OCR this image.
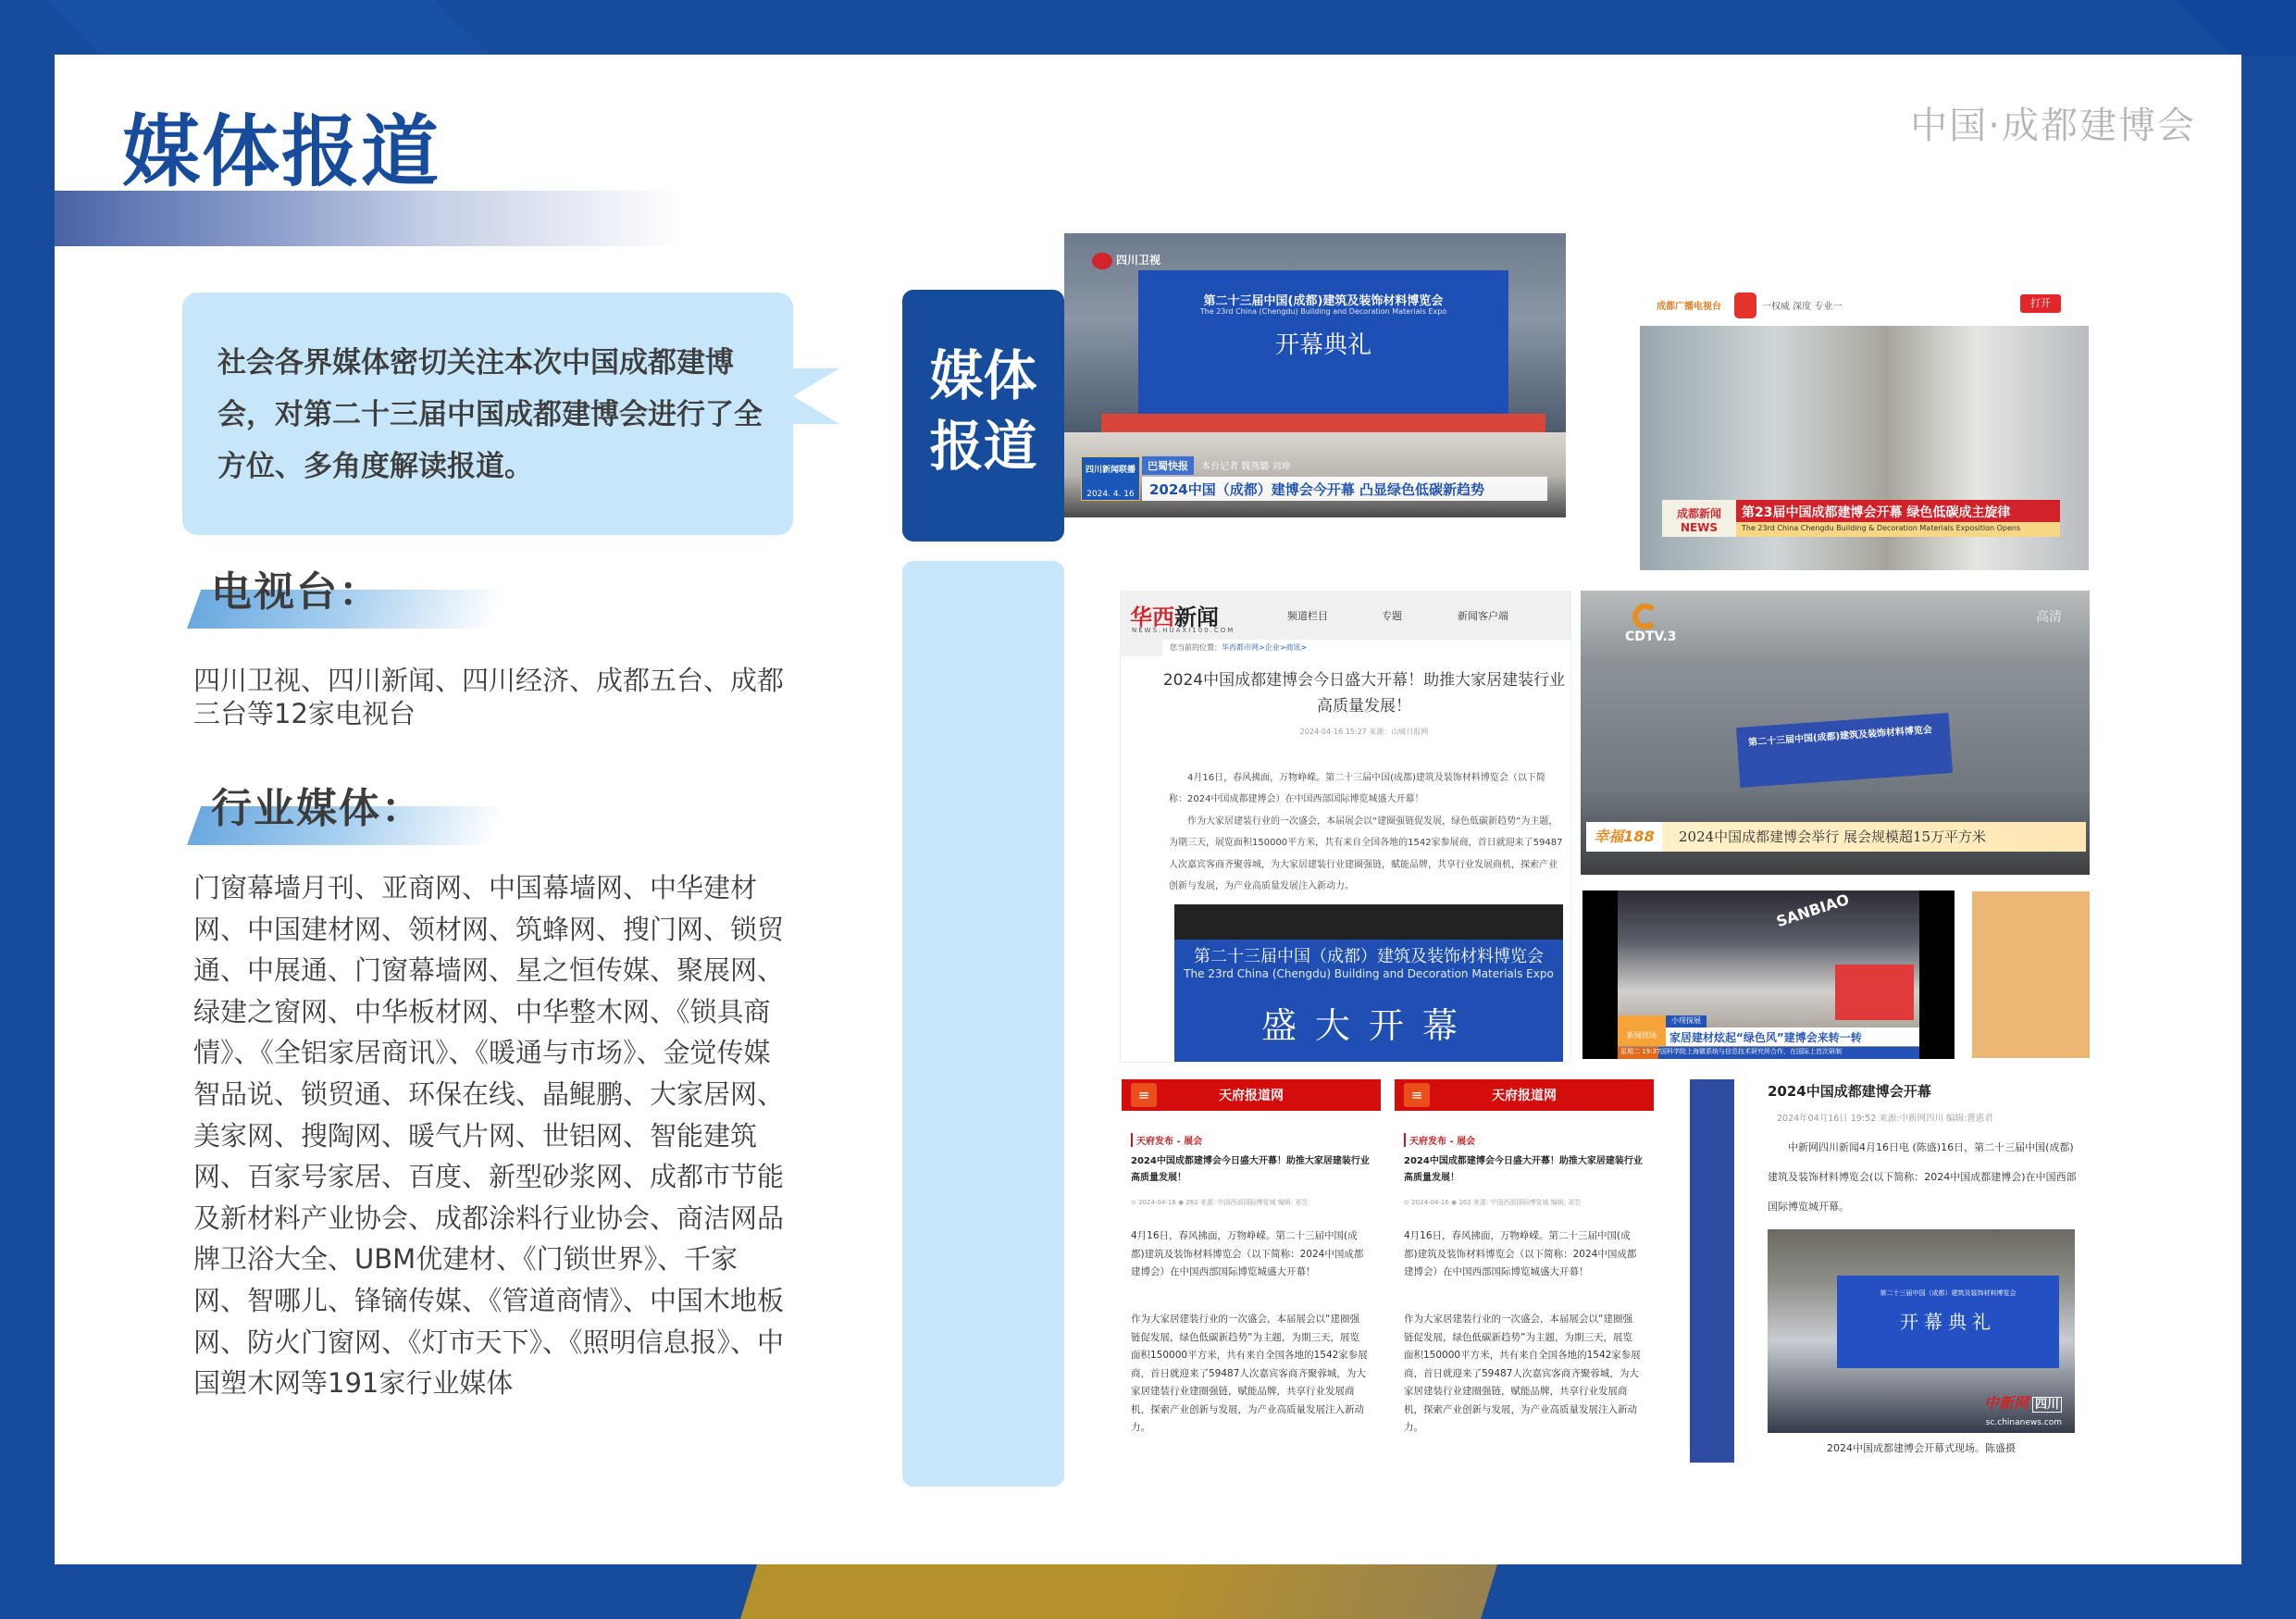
媒体报道	中国·成都建博会

社会各界媒体密切关注本次中国成都建博会，对第二十三届中国成都建博会进行了全方位、多角度解读报道。

电视台：
四川卫视、四川新闻、四川经济、成都五台、成都三台等12家电视台
行业媒体：
门窗幕墙月刊、亚商网、中国幕墙网、中华建材网、中国建材网、领材网、筑蜂网、搜门网、锁贸通、中展通、门窗幕墙网、星之恒传媒、聚展网、绿建之窗网、中华板材网、中华整木网、《锁具商情》、《全铝家居商讯》、《暖通与市场》、金觉传媒智品说、锁贸通、环保在线、晶鲲鹏、大家居网、美家网、搜陶网、暖气片网、世铝网、智能建筑网、百家号家居、百度、新型砂浆网、成都市节能及新材料产业协会、成都涂料行业协会、商洁网品牌卫浴大全、UBM优建材、《门锁世界》、千家网、智哪儿、锋镝传媒、《管道商情》、中国木地板网、防火门窗网、《灯市天下》、《照明信息报》、中国塑木网等191家行业媒体
媒体
报道
四川卫视
第二十三届中国(成都)建筑及装饰材料博览会
The 23rd China (Chengdu) Building and Decoration Materials Expo
开幕典礼
四川新闻联播
2024. 4. 16
巴蜀快报	本台记者 魏燕璐 刘坤
2024中国（成都）建博会今开幕 凸显绿色低碳新趋势
成都广播电视台	一权威 深度 专业一	打开
成都新闻 NEWS
第23届中国成都建博会开幕 绿色低碳成主旋律
The 23rd China Chengdu Building & Decoration Materials Exposition Opens
华西新闻
NEWS.HUAXI100.COM
频道栏目	专题	新闻客户端
您当前的位置：华西都市网>企业>商讯>
2024中国成都建博会今日盛大开幕！助推大家居建装行业高质量发展！
2024-04-16 15:27 来源：山城日报网

4月16日，春风拂面，万物峥嵘。第二十三届中国(成都)建筑及装饰材料博览会（以下简称：2024中国成都建博会）在中国西部国际博览城盛大开幕！

作为大家居建装行业的一次盛会，本届展会以“建圈强链促发展，绿色低碳新趋势”为主题，为期三天，展览面积150000平方米，共有来自全国各地的1542家参展商，首日就迎来了59487人次嘉宾客商齐聚蓉城，为大家居建装行业建圈强链，赋能品牌，共享行业发展商机，探索产业创新与发展，为产业高质量发展注入新动力。

第二十三届中国（成都）建筑及装饰材料博览会
The 23rd China (Chengdu) Building and Decoration Materials Expo
盛大开幕
CDTV.3
高清
第二十三届中国(成都)建筑及装饰材料博览会
幸福188	2024中国成都建博会举行 展会规模超15万平方米
SANBIAO
新闻现场
小现探展
家居建材炫起“绿色风”建博会来转一转
星期二 19:37 国科学院上海微系统与信息技术研究所合作，在国际上首次研制
≡	天府报道网
天府发布 - 展会
2024中国成都建博会今日盛大开幕！助推大家居建装行业高质量发展！
⊙ 2024-04-16 ◉ 262 来源: 中国西部国际博览城 编辑: 邓笠
4月16日，春风拂面，万物峥嵘。第二十三届中国(成都)建筑及装饰材料博览会（以下简称：2024中国成都建博会）在中国西部国际博览城盛大开幕！
作为大家居建装行业的一次盛会，本届展会以“建圈强链促发展，绿色低碳新趋势”为主题，为期三天，展览面积150000平方米，共有来自全国各地的1542家参展商，首日就迎来了59487人次嘉宾客商齐聚蓉城，为大家居建装行业建圈强链，赋能品牌，共享行业发展商机，探索产业创新与发展，为产业高质量发展注入新动力。
≡	天府报道网
天府发布 - 展会
2024中国成都建博会今日盛大开幕！助推大家居建装行业高质量发展！
⊙ 2024-04-16 ◉ 262 来源: 中国西部国际博览城 编辑: 邓笠
4月16日，春风拂面，万物峥嵘。第二十三届中国(成都)建筑及装饰材料博览会（以下简称：2024中国成都建博会）在中国西部国际博览城盛大开幕！
作为大家居建装行业的一次盛会，本届展会以“建圈强链促发展，绿色低碳新趋势”为主题，为期三天，展览面积150000平方米，共有来自全国各地的1542家参展商，首日就迎来了59487人次嘉宾客商齐聚蓉城，为大家居建装行业建圈强链，赋能品牌，共享行业发展商机，探索产业创新与发展，为产业高质量发展注入新动力。
2024中国成都建博会开幕
2024年04月16日 19:52 来源:中新网四川 编辑:曹惠君
中新网四川新闻4月16日电 (陈盛)16日，第二十三届中国(成都)建筑及装饰材料博览会(以下简称：2024中国成都建博会)在中国西部国际博览城开幕。
第二十三届中国（成都）建筑及装饰材料博览会
开幕典礼
中新网 四川
sc.chinanews.com
2024中国成都建博会开幕式现场。陈盛摄
